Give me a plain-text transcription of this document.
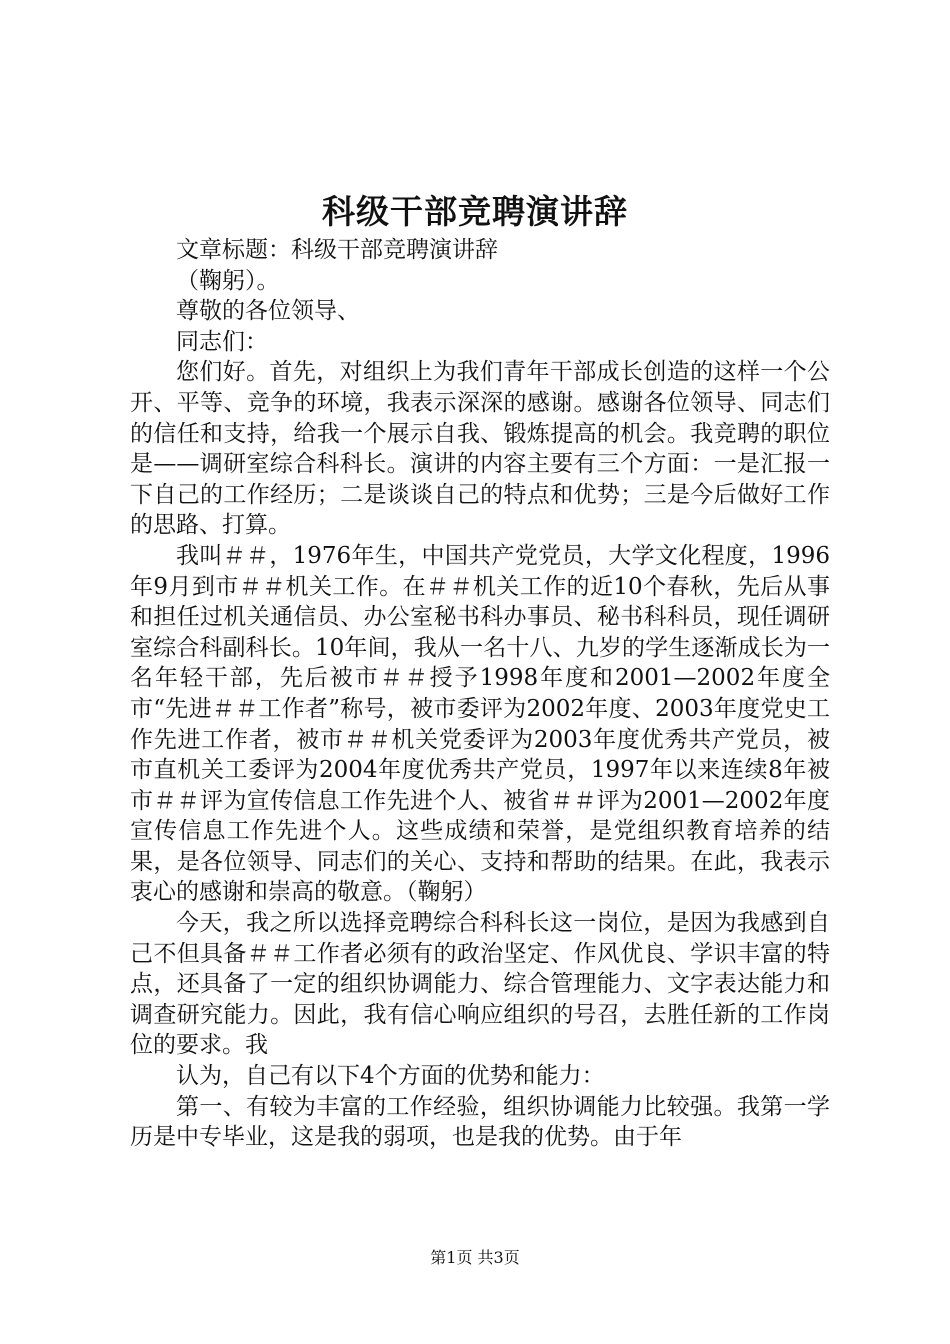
科级干部竞聘演讲辞

文章标题：科级干部竞聘演讲辞

（鞠躬）。

尊敬的各位领导、

同志们：

您们好。首先，对组织上为我们青年干部成长创造的这样一个公开、平等、竞争的环境，我表示深深的感谢。感谢各位领导、同志们的信任和支持，给我一个展示自我、锻炼提高的机会。我竞聘的职位是——调研室综合科科长。演讲的内容主要有三个方面：一是汇报一下自己的工作经历；二是谈谈自己的特点和优势；三是今后做好工作的思路、打算。

我叫＃＃，1976年生，中国共产党党员，大学文化程度，1996年9月到市＃＃机关工作。在＃＃机关工作的近10个春秋，先后从事和担任过机关通信员、办公室秘书科办事员、秘书科科员，现任调研室综合科副科长。10年间，我从一名十八、九岁的学生逐渐成长为一名年轻干部，先后被市＃＃授予1998年度和2001—2002年度全市“先进＃＃工作者”称号，被市委评为2002年度、2003年度党史工作先进工作者，被市＃＃机关党委评为2003年度优秀共产党员，被市直机关工委评为2004年度优秀共产党员，1997年以来连续8年被市＃＃评为宣传信息工作先进个人、被省＃＃评为2001—2002年度宣传信息工作先进个人。这些成绩和荣誉，是党组织教育培养的结果，是各位领导、同志们的关心、支持和帮助的结果。在此，我表示衷心的感谢和崇高的敬意。（鞠躬）

今天，我之所以选择竞聘综合科科长这一岗位，是因为我感到自己不但具备＃＃工作者必须有的政治坚定、作风优良、学识丰富的特点，还具备了一定的组织协调能力、综合管理能力、文字表达能力和调查研究能力。因此，我有信心响应组织的号召，去胜任新的工作岗位的要求。我

认为，自己有以下4个方面的优势和能力：

第一、有较为丰富的工作经验，组织协调能力比较强。我第一学历是中专毕业，这是我的弱项，也是我的优势。由于年

第1页 共3页
